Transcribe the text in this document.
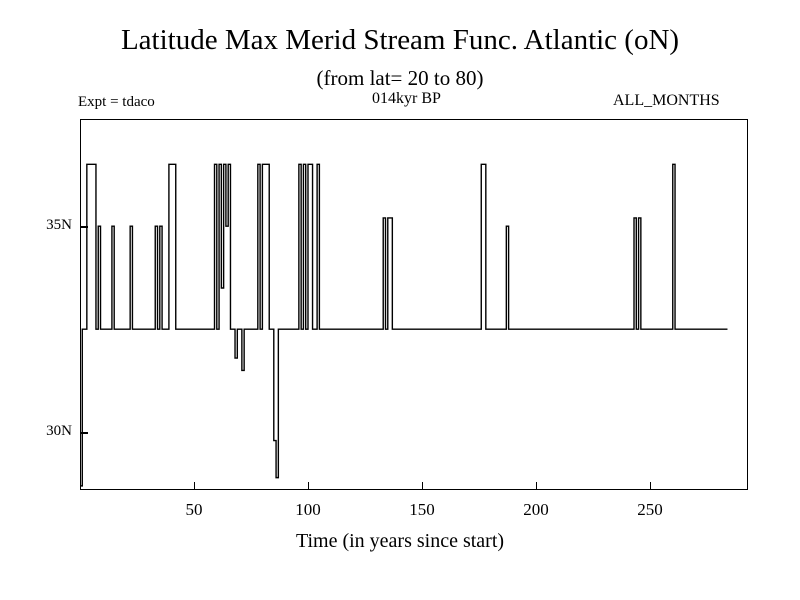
Latitude Max Merid Stream Func. Atlantic (oN)
(from lat= 20 to 80)
Expt = tdaco	014kyr BP	ALL_MONTHS
30N
35N
50	100	150	200	250
Time (in years since start)
